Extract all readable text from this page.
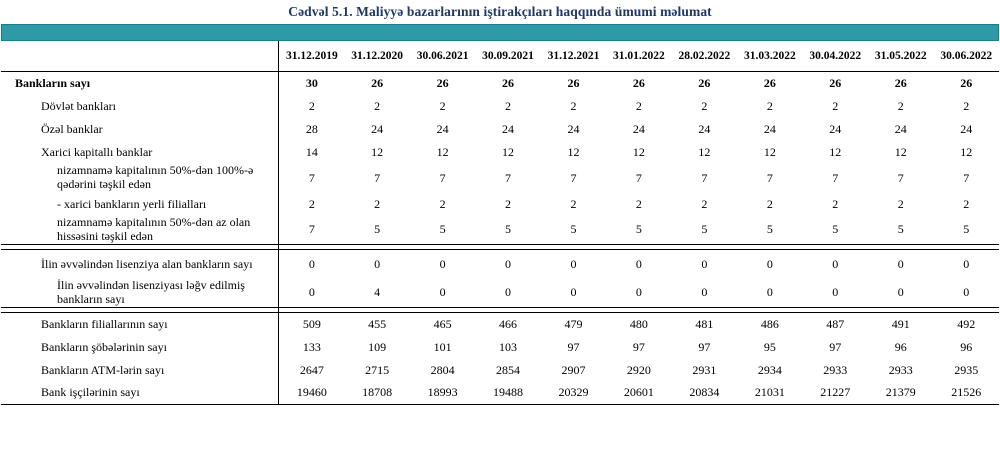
Cədvəl 5.1. Maliyyə bazarlarının iştirakçıları haqqında ümumi məlumat
	31.12.2019	31.12.2020	30.06.2021	30.09.2021	31.12.2021	31.01.2022	28.02.2022	31.03.2022	30.04.2022	31.05.2022	30.06.2022
Bankların sayı	30	26	26	26	26	26	26	26	26	26	26
Dövlət bankları	2	2	2	2	2	2	2	2	2	2	2
Özəl banklar	28	24	24	24	24	24	24	24	24	24	24
Xarici kapitallı banklar	14	12	12	12	12	12	12	12	12	12	12
nizamnamə kapitalının 50%-dən 100%-ə qədərini təşkil edən	7	7	7	7	7	7	7	7	7	7	7
- xarici bankların yerli filialları	2	2	2	2	2	2	2	2	2	2	2
nizamnamə kapitalının 50%-dən az olan hissəsini təşkil edən	7	5	5	5	5	5	5	5	5	5	5

İlin əvvəlindən lisenziya alan bankların sayı	0	0	0	0	0	0	0	0	0	0	0
İlin əvvəlindən lisenziyası ləğv edilmiş bankların sayı	0	4	0	0	0	0	0	0	0	0	0

Bankların filiallarının sayı	509	455	465	466	479	480	481	486	487	491	492
Bankların şöbələrinin sayı	133	109	101	103	97	97	97	95	97	96	96
Bankların ATM-lərin sayı	2647	2715	2804	2854	2907	2920	2931	2934	2933	2933	2935
Bank işçilərinin sayı	19460	18708	18993	19488	20329	20601	20834	21031	21227	21379	21526
